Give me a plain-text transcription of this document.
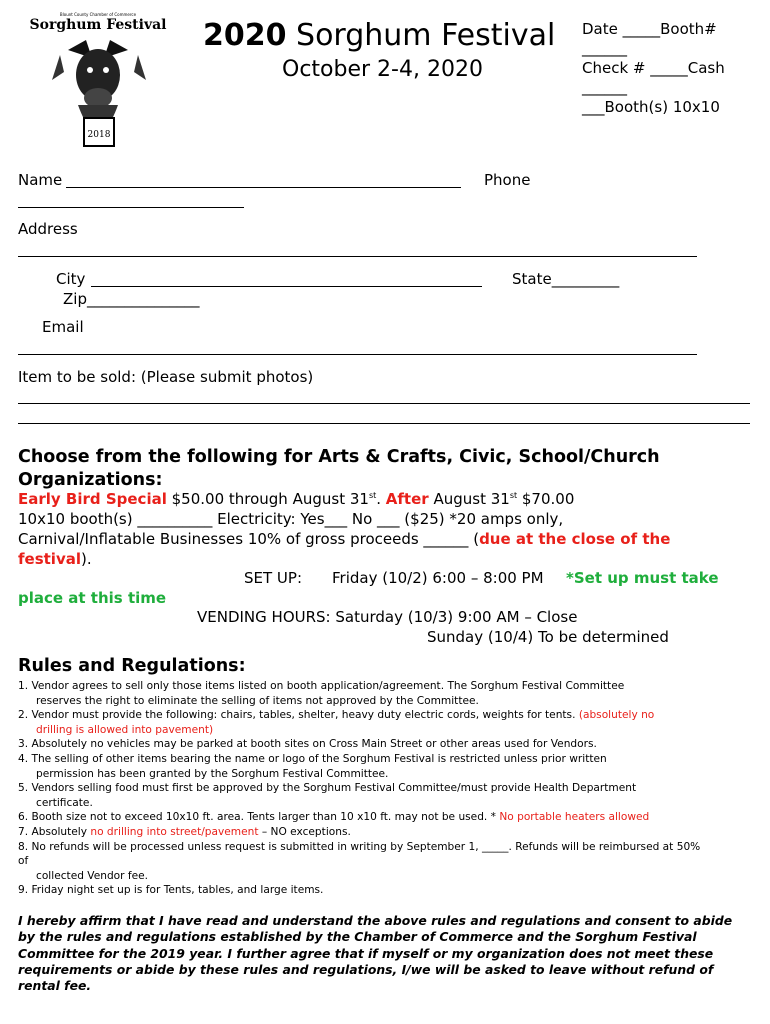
Blount County Chamber of Commerce
Sorghum Festival
2018
2020 Sorghum Festival
October 2-4, 2020
Date _____Booth#
______
Check # _____Cash
______
___Booth(s) 10x10
Name	Phone
Address
City	State_________
Zip_______________
Email
Item to be sold: (Please submit photos)
Choose from the following for Arts & Crafts, Civic, School/Church Organizations:
Early Bird Special $50.00 through August 31st. After August 31st $70.00
10x10 booth(s) __________ Electricity: Yes___ No ___ ($25) *20 amps only,
Carnival/Inflatable Businesses 10% of gross proceeds ______ (due at the close of the festival).
SET UP: Friday (10/2) 6:00 – 8:00 PM *Set up must take
place at this time
VENDING HOURS: Saturday (10/3) 9:00 AM – Close
Sunday (10/4) To be determined
Rules and Regulations:
1. Vendor agrees to sell only those items listed on booth application/agreement. The Sorghum Festival Committee
reserves the right to eliminate the selling of items not approved by the Committee.
2. Vendor must provide the following: chairs, tables, shelter, heavy duty electric cords, weights for tents. (absolutely no
drilling is allowed into pavement)
3. Absolutely no vehicles may be parked at booth sites on Cross Main Street or other areas used for Vendors.
4. The selling of other items bearing the name or logo of the Sorghum Festival is restricted unless prior written
permission has been granted by the Sorghum Festival Committee.
5. Vendors selling food must first be approved by the Sorghum Festival Committee/must provide Health Department
certificate.
6. Booth size not to exceed 10x10 ft. area. Tents larger than 10 x10 ft. may not be used. * No portable heaters allowed
7. Absolutely no drilling into street/pavement – NO exceptions.
8. No refunds will be processed unless request is submitted in writing by September 1, _____. Refunds will be reimbursed at 50%
of
collected Vendor fee.
9. Friday night set up is for Tents, tables, and large items.
I hereby affirm that I have read and understand the above rules and regulations and consent to abide by the rules and regulations established by the Chamber of Commerce and the Sorghum Festival Committee for the 2019 year. I further agree that if myself or my organization does not meet these requirements or abide by these rules and regulations, I/we will be asked to leave without refund of rental fee.
